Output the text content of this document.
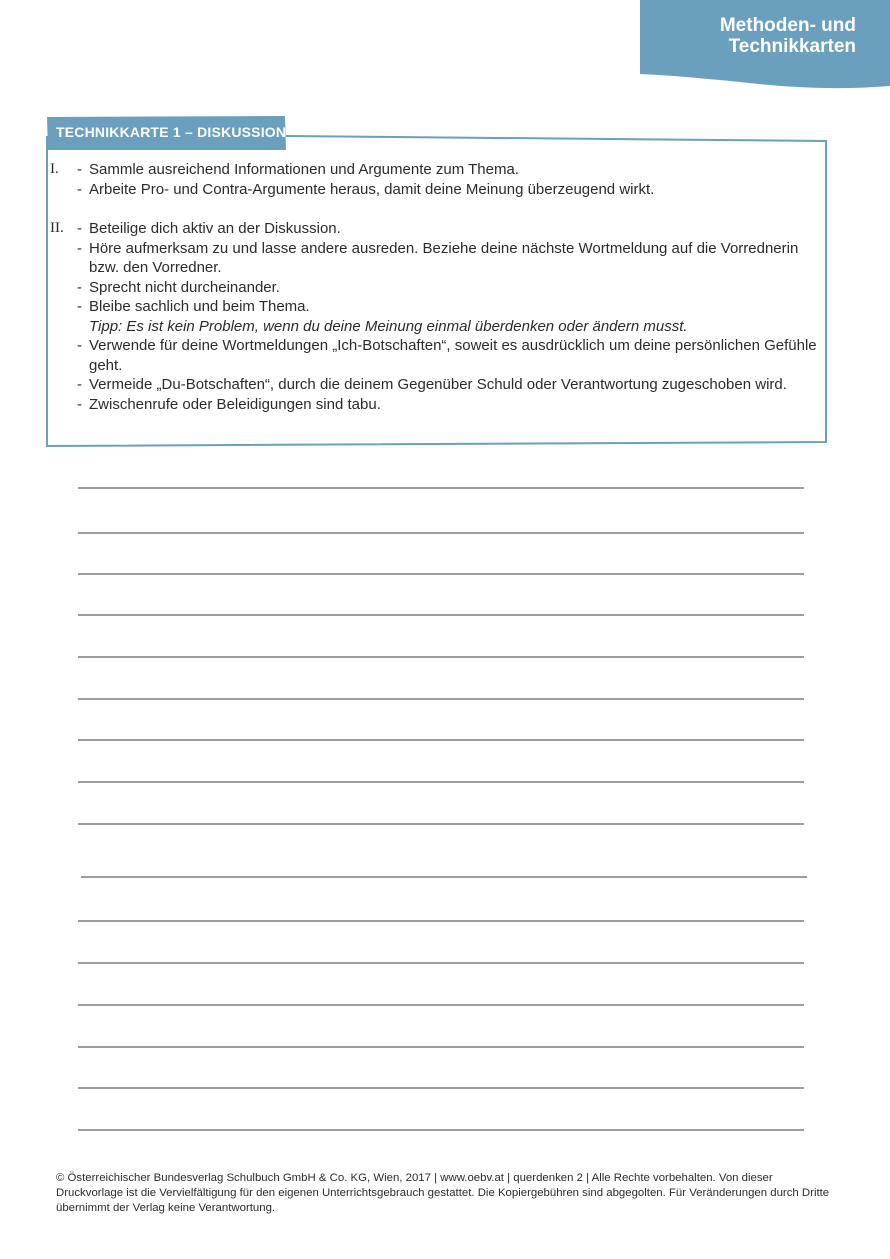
Methoden- und
Technikkarten
TECHNIKKARTE 1 – DISKUSSION
I.	- Sammle ausreichend Informationen und Argumente zum Thema.
- Arbeite Pro- und Contra-Argumente heraus, damit deine Meinung überzeugend wirkt.
II. - Beteilige dich aktiv an der Diskussion.
- Höre aufmerksam zu und lasse andere ausreden. Beziehe deine nächste Wortmeldung auf die Vorrednerin bzw. den Vorredner.
- Sprecht nicht durcheinander.
- Bleibe sachlich und beim Thema.
Tipp: Es ist kein Problem, wenn du deine Meinung einmal überdenken oder ändern musst.
- Verwende für deine Wortmeldungen „Ich-Botschaften“, soweit es ausdrücklich um deine persönlichen Gefühle geht.
- Vermeide „Du-Botschaften“, durch die deinem Gegenüber Schuld oder Verantwortung zugeschoben wird.
- Zwischenrufe oder Beleidigungen sind tabu.
© Österreichischer Bundesverlag Schulbuch GmbH & Co. KG, Wien, 2017 | www.oebv.at | querdenken 2 | Alle Rechte vorbehalten. Von dieser Druckvorlage ist die Vervielfältigung für den eigenen Unterrichtsgebrauch gestattet. Die Kopiergebühren sind abgegolten. Für Veränderungen durch Dritte übernimmt der Verlag keine Verantwortung.
